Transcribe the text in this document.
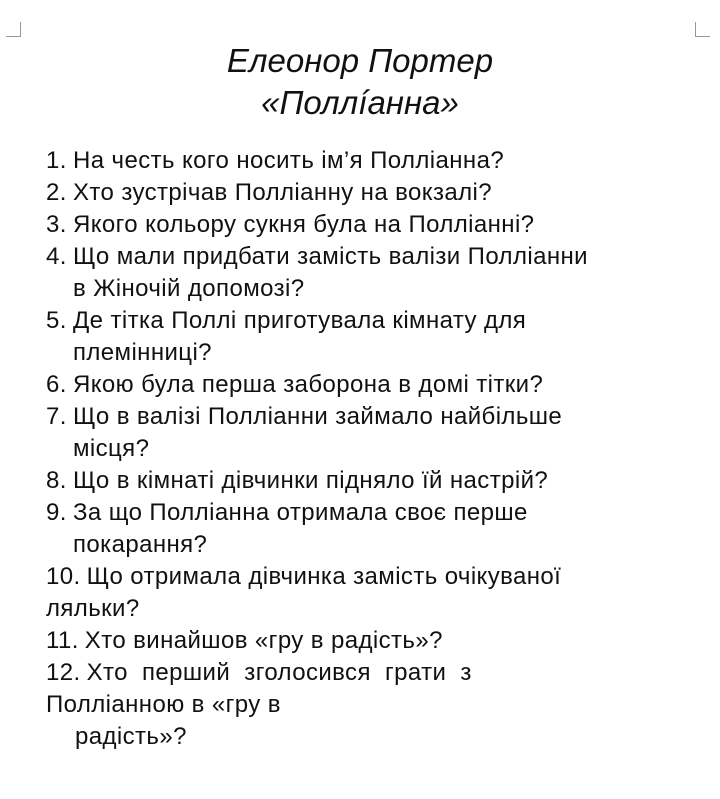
Елеонор Портер
«Поллíанна»
1. На честь кого носить ім’я Полліанна?
2. Хто зустрічав Полліанну на вокзалі?
3. Якого кольору сукня була на Полліанні?
4. Що мали придбати замість валізи Полліанни
в Жіночій допомозі?
5. Де тітка Поллі приготувала кімнату для
племінниці?
6. Якою була перша заборона в домі тітки?
7. Що в валізі Полліанни займало найбільше
місця?
8. Що в кімнаті дівчинки підняло їй настрій?
9. За що Полліанна отримала своє перше
покарання?
10. Що отримала дівчинка замість очікуваної
ляльки?
11. Хто винайшов «гру в радість»?
12. Хто  перший  зголосився  грати  з
Полліанною в «гру в
радість»?
